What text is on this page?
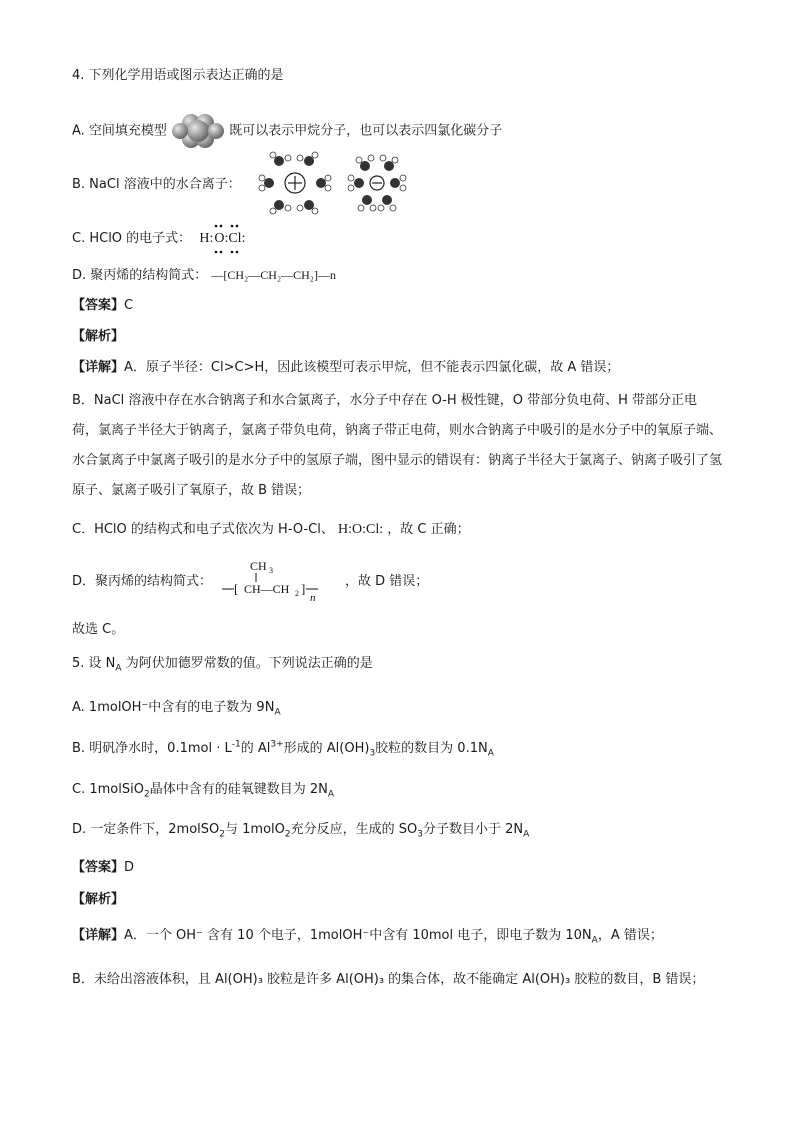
4. 下列化学用语或图示表达正确的是
A. 空间填充模型	既可以表示甲烷分子，也可以表示四氯化碳分子
B. NaCl 溶液中的水合离子：
C. HClO 的电子式： H:O:Cl:
D. 聚丙烯的结构简式： —[CH₂—CH₂—CH₂]—n
【答案】C
【解析】
【详解】A．原子半径：Cl>C>H，因此该模型可表示甲烷，但不能表示四氯化碳，故 A 错误；
B．NaCl 溶液中存在水合钠离子和水合氯离子，水分子中存在 O-H 极性键，O 带部分负电荷、H 带部分正电荷，氯离子半径大于钠离子，氯离子带负电荷，钠离子带正电荷，则水合钠离子中吸引的是水分子中的氧原子端、水合氯离子中氯离子吸引的是水分子中的氢原子端，图中显示的错误有：钠离子半径大于氯离子、钠离子吸引了氢原子、氯离子吸引了氧原子，故 B 错误；
C．HClO 的结构式和电子式依次为 H-O-Cl、 H:O:Cl: ，故 C 正确；
D．聚丙烯的结构简式：
CH 3
[ CH—CH 2 ]
n
，故 D 错误；
故选 C。
5. 设 $N_A$ 为阿伏加德罗常数的值。下列说法正确的是
A. 1molOH⁻中含有的电子数为 $9N_A$
B. 明矾净水时，$0.1mol \cdot L^{-1}$的 $Al^{3+}$形成的 $Al(OH)_3$胶粒的数目为 $0.1N_A$
C. 1molSiO$_2$晶体中含有的硅氧键数目为 $2N_A$
D. 一定条件下，2molSO$_2$与 1molO$_2$充分反应，生成的 $SO_3$分子数目小于 $2N_A$
【答案】D
【解析】
【详解】A．一个 OH⁻ 含有 10 个电子，1molOH⁻中含有 10mol 电子，即电子数为 $10N_A$，A 错误；
B．未给出溶液体积，且 Al(OH)₃ 胶粒是许多 Al(OH)₃ 的集合体，故不能确定 Al(OH)₃ 胶粒的数目，B 错误；
